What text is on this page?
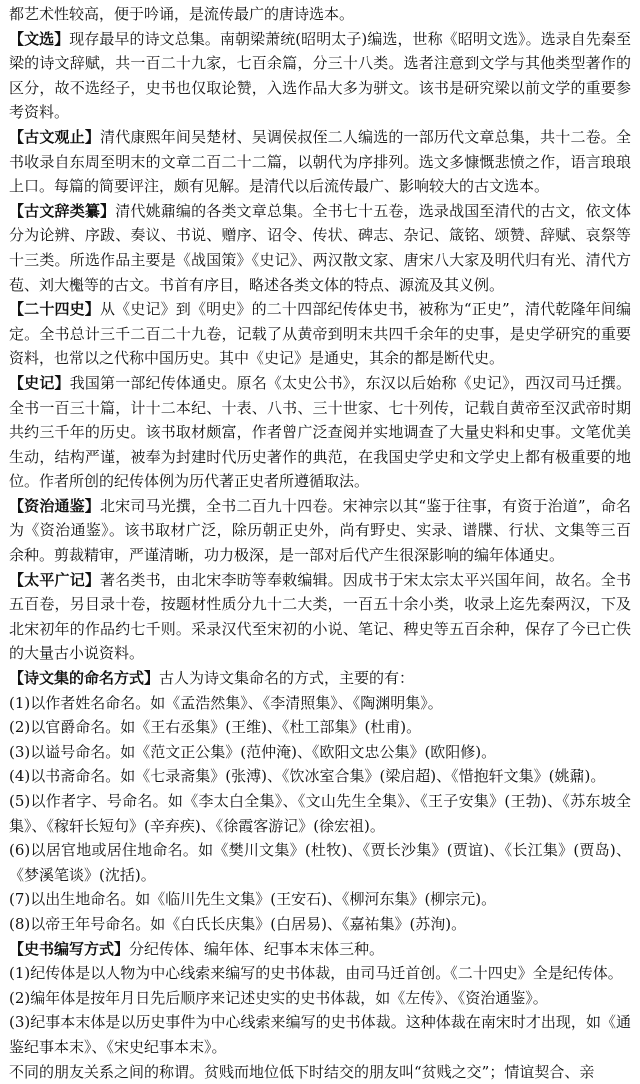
都艺术性较高，便于吟诵，是流传最广的唐诗选本。

【文选】现存最早的诗文总集。南朝梁萧统(昭明太子)编选，世称《昭明文选》。选录自先秦至梁的诗文辞赋，共一百二十九家，七百余篇，分三十八类。选者注意到文学与其他类型著作的区分，故不选经子，史书也仅取论赞，入选作品大多为骈文。该书是研究梁以前文学的重要参考资料。

【古文观止】清代康熙年间吴楚材、吴调侯叔侄二人编选的一部历代文章总集，共十二卷。全书收录自东周至明末的文章二百二十二篇，以朝代为序排列。选文多慷慨悲愤之作，语言琅琅上口。每篇的简要评注，颇有见解。是清代以后流传最广、影响较大的古文选本。

【古文辞类纂】清代姚鼐编的各类文章总集。全书七十五卷，选录战国至清代的古文，依文体分为论辨、序跋、奏议、书说、赠序、诏令、传状、碑志、杂记、箴铭、颂赞、辞赋、哀祭等十三类。所选作品主要是《战国策》《史记》、两汉散文家、唐宋八大家及明代归有光、清代方苞、刘大櫆等的古文。书首有序目，略述各类文体的特点、源流及其义例。

【二十四史】从《史记》到《明史》的二十四部纪传体史书，被称为“正史”，清代乾隆年间编定。全书总计三千二百二十九卷，记载了从黄帝到明末共四千余年的史事，是史学研究的重要资料，也常以之代称中国历史。其中《史记》是通史，其余的都是断代史。

【史记】我国第一部纪传体通史。原名《太史公书》，东汉以后始称《史记》，西汉司马迁撰。全书一百三十篇，计十二本纪、十表、八书、三十世家、七十列传，记载自黄帝至汉武帝时期共约三千年的历史。该书取材颇富，作者曾广泛查阅并实地调查了大量史料和史事。文笔优美生动，结构严谨，被奉为封建时代历史著作的典范，在我国史学史和文学史上都有极重要的地位。作者所创的纪传体例为历代著正史者所遵循取法。

【资治通鉴】北宋司马光撰，全书二百九十四卷。宋神宗以其“鉴于往事，有资于治道”，命名为《资治通鉴》。该书取材广泛，除历朝正史外，尚有野史、实录、谱牒、行状、文集等三百余种。剪裁精审，严谨清晰，功力极深，是一部对后代产生很深影响的编年体通史。

【太平广记】著名类书，由北宋李昉等奉敕编辑。因成书于宋太宗太平兴国年间，故名。全书五百卷，另目录十卷，按题材性质分九十二大类，一百五十余小类，收录上迄先秦两汉，下及北宋初年的作品约七千则。采录汉代至宋初的小说、笔记、稗史等五百余种，保存了今已亡佚的大量古小说资料。

【诗文集的命名方式】古人为诗文集命名的方式，主要的有：

(1)以作者姓名命名。如《孟浩然集》、《李清照集》、《陶渊明集》。

(2)以官爵命名。如《王右丞集》(王维)、《杜工部集》(杜甫)。

(3)以谥号命名。如《范文正公集》(范仲淹)、《欧阳文忠公集》(欧阳修)。

(4)以书斋命名。如《七录斋集》(张溥)、《饮冰室合集》(梁启超)、《惜抱轩文集》(姚鼐)。

(5)以作者字、号命名。如《李太白全集》、《文山先生全集》、《王子安集》(王勃)、《苏东坡全集》、《稼轩长短句》(辛弃疾)、《徐霞客游记》(徐宏祖)。

(6)以居官地或居住地命名。如《樊川文集》(杜牧)、《贾长沙集》(贾谊)、《长江集》(贾岛)、《梦溪笔谈》(沈括)。

(7)以出生地命名。如《临川先生文集》(王安石)、《柳河东集》(柳宗元)。

(8)以帝王年号命名。如《白氏长庆集》(白居易)、《嘉祐集》(苏洵)。

【史书编写方式】分纪传体、编年体、纪事本末体三种。

(1)纪传体是以人物为中心线索来编写的史书体裁，由司马迁首创。《二十四史》全是纪传体。

(2)编年体是按年月日先后顺序来记述史实的史书体裁，如《左传》、《资治通鉴》。

(3)纪事本末体是以历史事件为中心线索来编写的史书体裁。这种体裁在南宋时才出现，如《通鉴纪事本末》、《宋史纪事本末》。

不同的朋友关系之间的称谓。贫贱而地位低下时结交的朋友叫“贫贱之交”；情谊契合、亲
